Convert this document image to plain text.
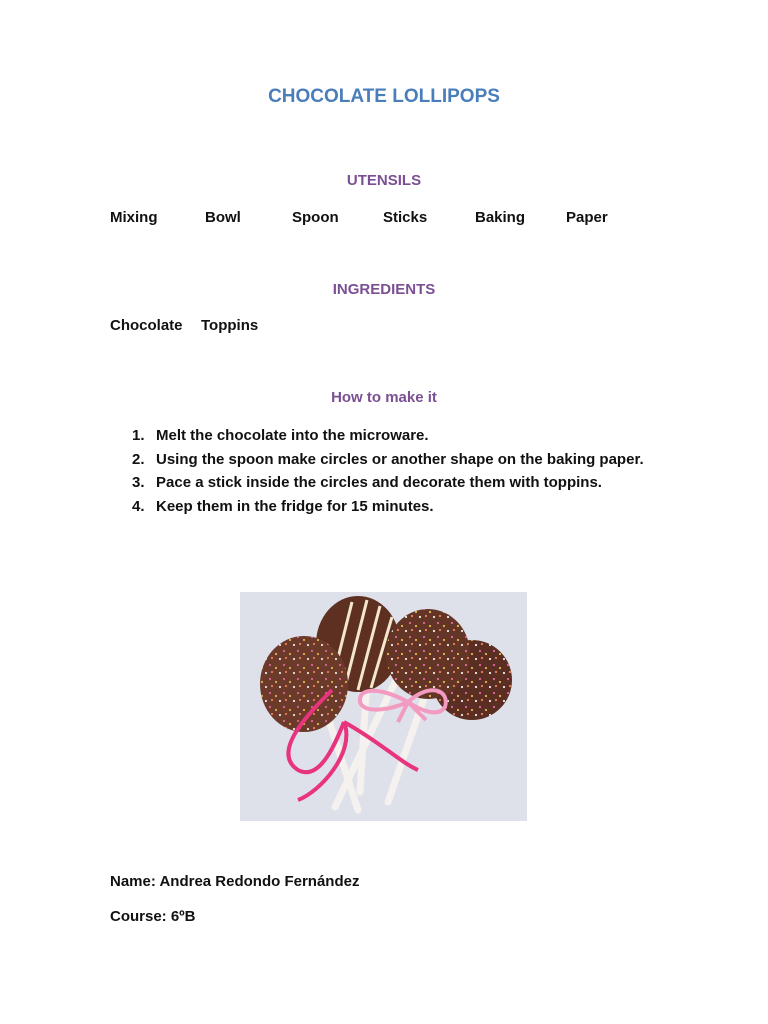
CHOCOLATE LOLLIPOPS
UTENSILS
Mixing	Bowl	Spoon	Sticks	Baking	Paper
INGREDIENTS
Chocolate Toppins
How to make it
1. Melt the chocolate into the microware.
2. Using the spoon make circles or another shape on the baking paper.
3. Pace a stick inside the circles and decorate them with toppins.
4. Keep them in the fridge for 15 minutes.
Name: Andrea Redondo Fernández
Course: 6ºB
